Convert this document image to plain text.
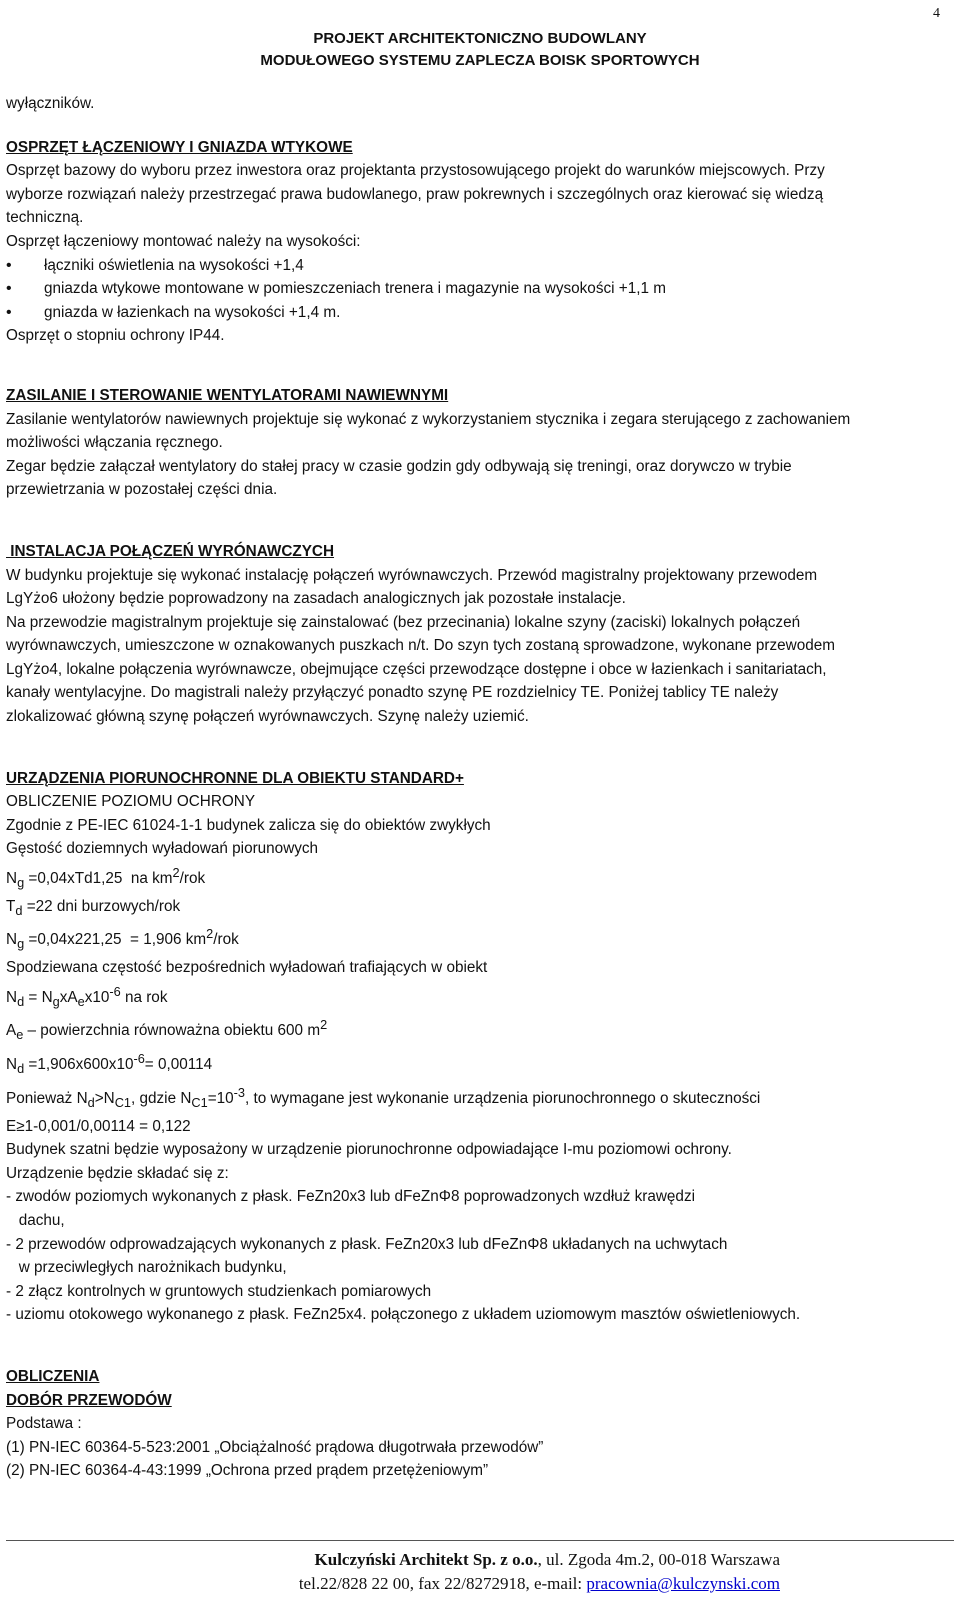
4
PROJEKT ARCHITEKTONICZNO BUDOWLANY
MODUŁOWEGO SYSTEMU ZAPLECZA BOISK SPORTOWYCH
wyłączników.
OSPRZĘT ŁĄCZENIOWY I GNIAZDA WTYKOWE
Osprzęt bazowy do wyboru przez inwestora oraz projektanta przystosowującego projekt do warunków miejscowych. Przy
wyborze rozwiązań należy przestrzegać prawa budowlanego, praw pokrewnych i szczególnych oraz kierować się wiedzą
techniczną.
Osprzęt łączeniowy montować należy na wysokości:
• łączniki oświetlenia na wysokości +1,4
• gniazda wtykowe montowane w pomieszczeniach trenera i magazynie na wysokości +1,1 m
• gniazda w łazienkach na wysokości +1,4 m.
Osprzęt o stopniu ochrony IP44.
ZASILANIE I STEROWANIE WENTYLATORAMI NAWIEWNYMI
Zasilanie wentylatorów nawiewnych projektuje się wykonać z wykorzystaniem stycznika i zegara sterującego z zachowaniem
możliwości włączania ręcznego.
Zegar będzie załączał wentylatory do stałej pracy w czasie godzin gdy odbywają się treningi, oraz dorywczo w trybie
przewietrzania w pozostałej części dnia.
INSTALACJA POŁĄCZEŃ WYRÓNAWCZYCH
W budynku projektuje się wykonać instalację połączeń wyrównawczych. Przewód magistralny projektowany przewodem
LgYżo6 ułożony będzie poprowadzony na zasadach analogicznych jak pozostałe instalacje.
Na przewodzie magistralnym projektuje się zainstalować (bez przecinania) lokalne szyny (zaciski) lokalnych połączeń
wyrównawczych, umieszczone w oznakowanych puszkach n/t. Do szyn tych zostaną sprowadzone, wykonane przewodem
LgYżo4, lokalne połączenia wyrównawcze, obejmujące części przewodzące dostępne i obce w łazienkach i sanitariatach,
kanały wentylacyjne. Do magistrali należy przyłączyć ponadto szynę PE rozdzielnicy TE. Poniżej tablicy TE należy
zlokalizować główną szynę połączeń wyrównawczych. Szynę należy uziemić.
URZĄDZENIA PIORUNOCHRONNE DLA OBIEKTU STANDARD+
OBLICZENIE POZIOMU OCHRONY
Zgodnie z PE-IEC 61024-1-1 budynek zalicza się do obiektów zwykłych
Gęstość doziemnych wyładowań piorunowych
$N_g =0,04xTd1,25$  na $km^2$/rok
$T_d =22$ dni burzowych/rok
$N_g =0,04x221,25 = 1,906$ $km^2$/rok
Spodziewana częstość bezpośrednich wyładowań trafiających w obiekt
$N_d = N_gxA_ex10^{-6}$ na rok
$A_e$ – powierzchnia równoważna obiektu 600 $m^2$
$N_d =1,906x600x10^{-6}= 0,00114$
Ponieważ $N_d>N_{C1}$, gdzie $N_{C1}=10^{-3}$, to wymagane jest wykonanie urządzenia piorunochronnego o skuteczności
E≥1-0,001/0,00114 = 0,122
Budynek szatni będzie wyposażony w urządzenie piorunochronne odpowiadające I-mu poziomowi ochrony.
Urządzenie będzie składać się z:
- zwodów poziomych wykonanych z płask. FeZn20x3 lub dFeZnΦ8 poprowadzonych wzdłuż krawędzi
dachu,
- 2 przewodów odprowadzających wykonanych z płask. FeZn20x3 lub dFeZnΦ8 układanych na uchwytach
w przeciwległych narożnikach budynku,
- 2 złącz kontrolnych w gruntowych studzienkach pomiarowych
- uziomu otokowego wykonanego z płask. FeZn25x4. połączonego z układem uziomowym masztów oświetleniowych.
OBLICZENIA
DOBÓR PRZEWODÓW
Podstawa :
(1) PN-IEC 60364-5-523:2001 „Obciążalność prądowa długotrwała przewodów”
(2) PN-IEC 60364-4-43:1999 „Ochrona przed prądem przetężeniowym”
Kulczyński Architekt Sp. z o.o., ul. Zgoda 4m.2, 00-018 Warszawa
tel.22/828 22 00, fax 22/8272918, e-mail: pracownia@kulczynski.com
